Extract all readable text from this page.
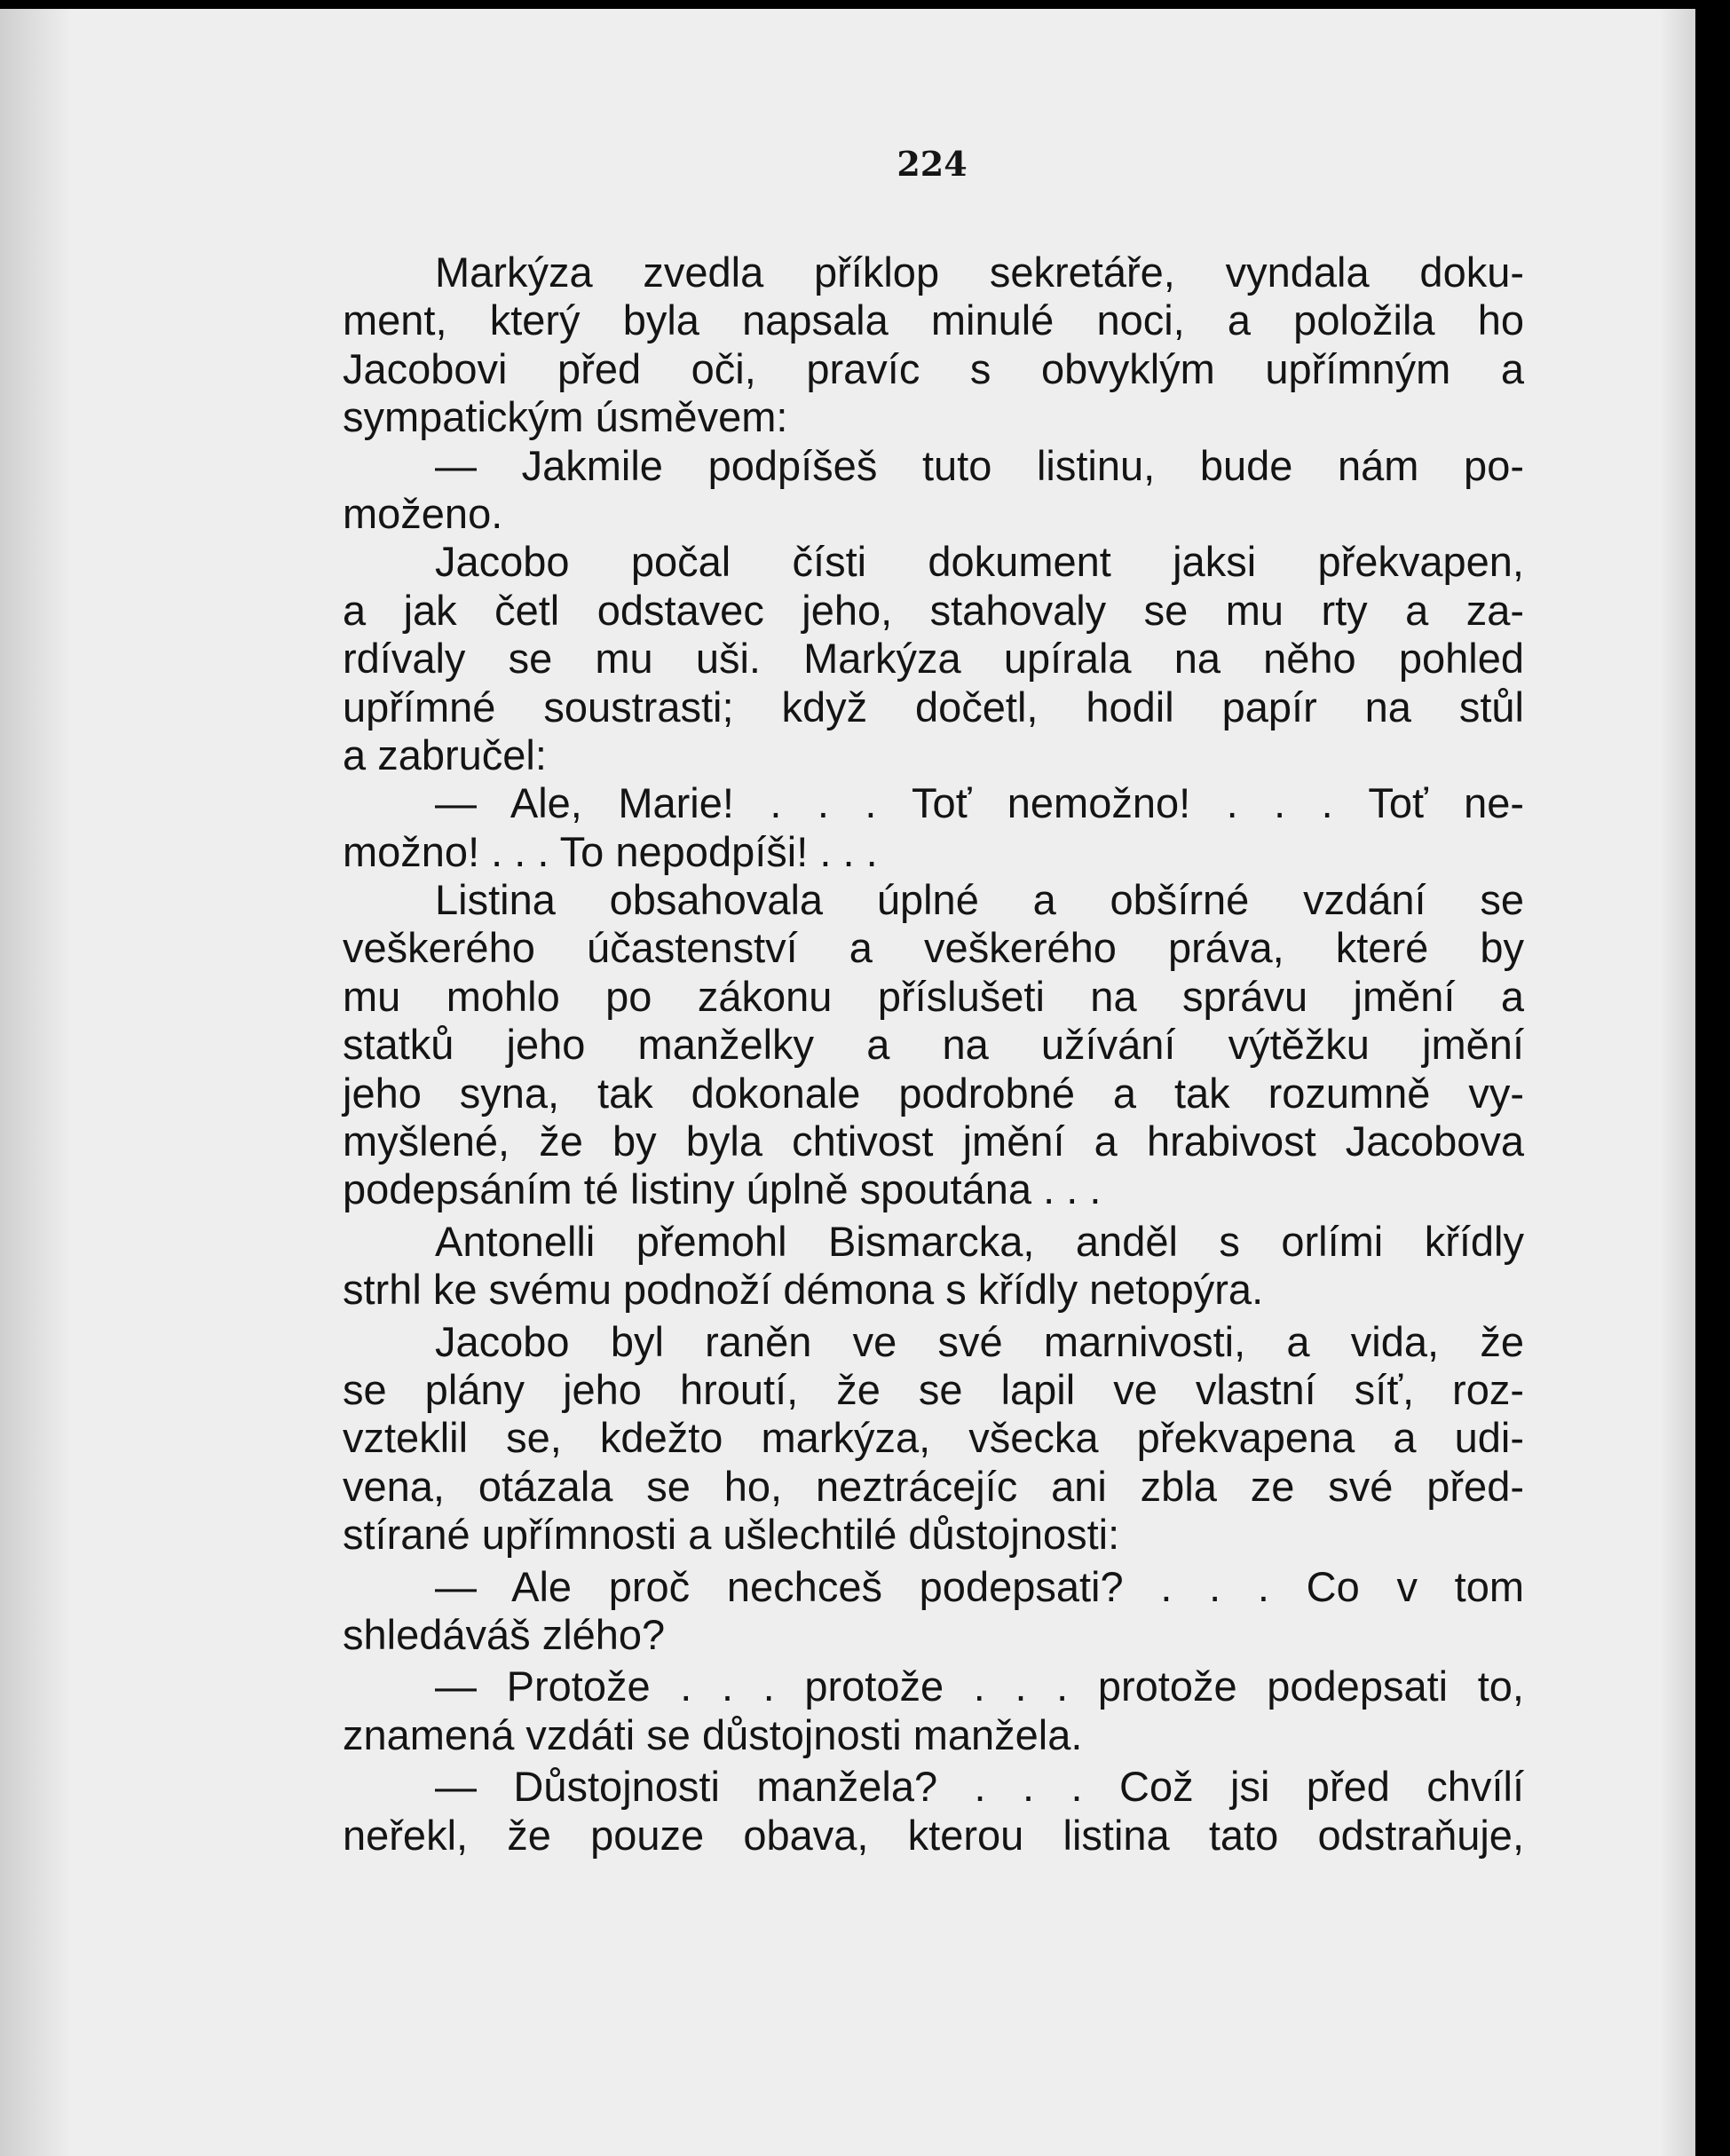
224
Markýza zvedla příklop sekretáře, vyndala doku-
ment, který byla napsala minulé noci, a položila ho
Jacobovi před oči, pravíc s obvyklým upřímným a
sympatickým úsměvem:
— Jakmile podpíšeš tuto listinu, bude nám po-
moženo.
Jacobo počal čísti dokument jaksi překvapen,
a jak četl odstavec jeho, stahovaly se mu rty a za-
rdívaly se mu uši. Markýza upírala na něho pohled
upřímné soustrasti; když dočetl, hodil papír na stůl
a zabručel:
— Ale, Marie! . . . Toť nemožno! . . . Toť ne-
možno! . . . To nepodpíši! . . .
Listina obsahovala úplné a obšírné vzdání se
veškerého účastenství a veškerého práva, které by
mu mohlo po zákonu příslušeti na správu jmění a
statků jeho manželky a na užívání výtěžku jmění
jeho syna, tak dokonale podrobné a tak rozumně vy-
myšlené, že by byla chtivost jmění a hrabivost Jacobova
podepsáním té listiny úplně spoutána . . .
Antonelli přemohl Bismarcka, anděl s orlími křídly
strhl ke svému podnoží démona s křídly netopýra.
Jacobo byl raněn ve své marnivosti, a vida, že
se plány jeho hroutí, že se lapil ve vlastní síť, roz-
vzteklil se, kdežto markýza, všecka překvapena a udi-
vena, otázala se ho, neztrácejíc ani zbla ze své před-
stírané upřímnosti a ušlechtilé důstojnosti:
— Ale proč nechceš podepsati? . . . Co v tom
shledáváš zlého?
— Protože . . . protože . . . protože podepsati to,
znamená vzdáti se důstojnosti manžela.
— Důstojnosti manžela? . . . Což jsi před chvílí
neřekl, že pouze obava, kterou listina tato odstraňuje,
